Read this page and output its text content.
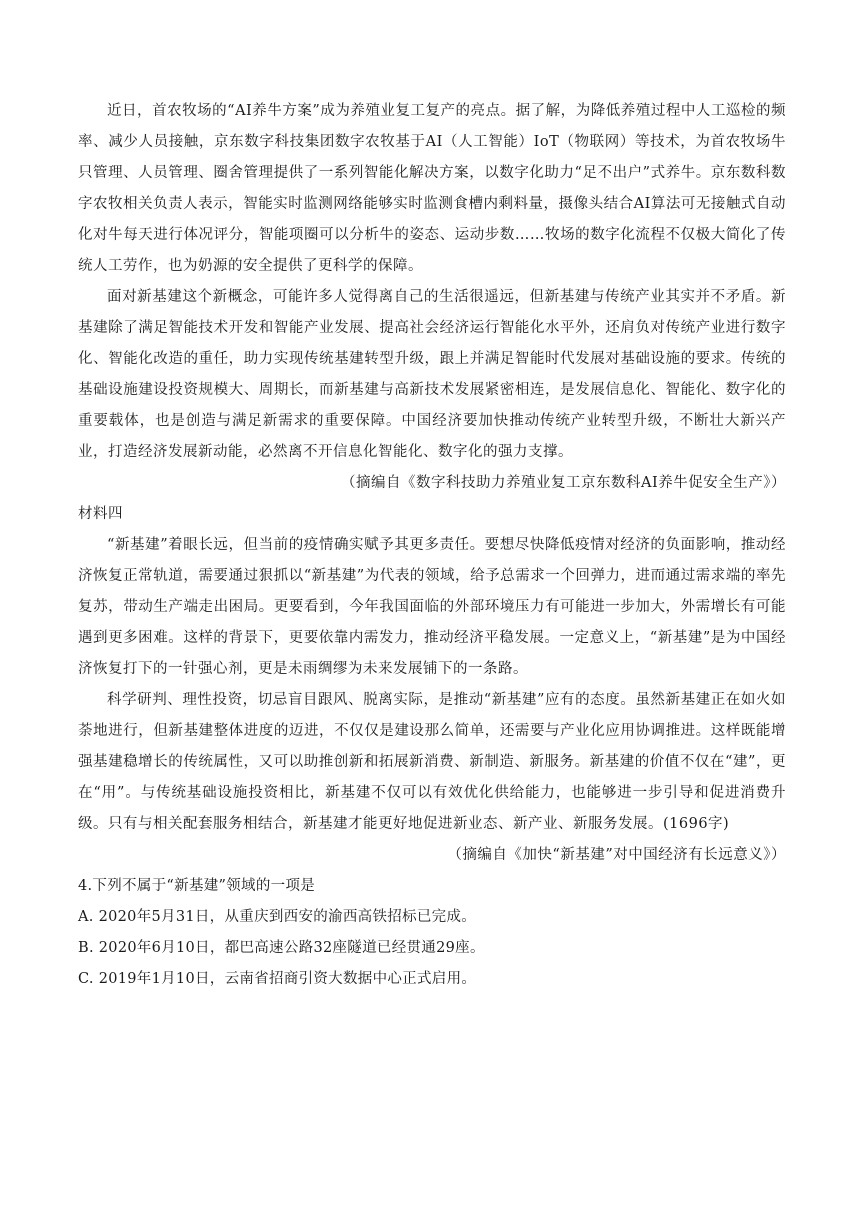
近日，首农牧场的“AI养牛方案”成为养殖业复工复产的亮点。据了解，为降低养殖过程中人工巡检的频率、减少人员接触，京东数字科技集团数字农牧基于AI（人工智能）IoT（物联网）等技术，为首农牧场牛只管理、人员管理、圈舍管理提供了一系列智能化解决方案，以数字化助力“足不出户”式养牛。京东数科数字农牧相关负责人表示，智能实时监测网络能够实时监测食槽内剩料量，摄像头结合AI算法可无接触式自动化对牛每天进行体况评分，智能项圈可以分析牛的姿态、运动步数……牧场的数字化流程不仅极大简化了传统人工劳作，也为奶源的安全提供了更科学的保障。

面对新基建这个新概念，可能许多人觉得离自己的生活很遥远，但新基建与传统产业其实并不矛盾。新基建除了满足智能技术开发和智能产业发展、提高社会经济运行智能化水平外，还肩负对传统产业进行数字化、智能化改造的重任，助力实现传统基建转型升级，跟上并满足智能时代发展对基础设施的要求。传统的基础设施建设投资规模大、周期长，而新基建与高新技术发展紧密相连，是发展信息化、智能化、数字化的重要载体，也是创造与满足新需求的重要保障。中国经济要加快推动传统产业转型升级，不断壮大新兴产业，打造经济发展新动能，必然离不开信息化智能化、数字化的强力支撑。

（摘编自《数字科技助力养殖业复工京东数科AI养牛促安全生产》）

材料四

“新基建”着眼长远，但当前的疫情确实赋予其更多责任。要想尽快降低疫情对经济的负面影响，推动经济恢复正常轨道，需要通过狠抓以“新基建”为代表的领域，给予总需求一个回弹力，进而通过需求端的率先复苏，带动生产端走出困局。更要看到，今年我国面临的外部环境压力有可能进一步加大，外需增长有可能遇到更多困难。这样的背景下，更要依靠内需发力，推动经济平稳发展。一定意义上，“新基建”是为中国经济恢复打下的一针强心剂，更是未雨绸缪为未来发展铺下的一条路。

科学研判、理性投资，切忌盲目跟风、脱离实际，是推动“新基建”应有的态度。虽然新基建正在如火如荼地进行，但新基建整体进度的迈进，不仅仅是建设那么简单，还需要与产业化应用协调推进。这样既能增强基建稳增长的传统属性，又可以助推创新和拓展新消费、新制造、新服务。新基建的价值不仅在“建”，更在“用”。与传统基础设施投资相比，新基建不仅可以有效优化供给能力，也能够进一步引导和促进消费升级。只有与相关配套服务相结合，新基建才能更好地促进新业态、新产业、新服务发展。(1696字)

（摘编自《加快“新基建”对中国经济有长远意义》）

4.下列不属于“新基建”领域的一项是

A. 2020年5月31日，从重庆到西安的渝西高铁招标已完成。

B. 2020年6月10日，都巴高速公路32座隧道已经贯通29座。

C. 2019年1月10日，云南省招商引资大数据中心正式启用。
